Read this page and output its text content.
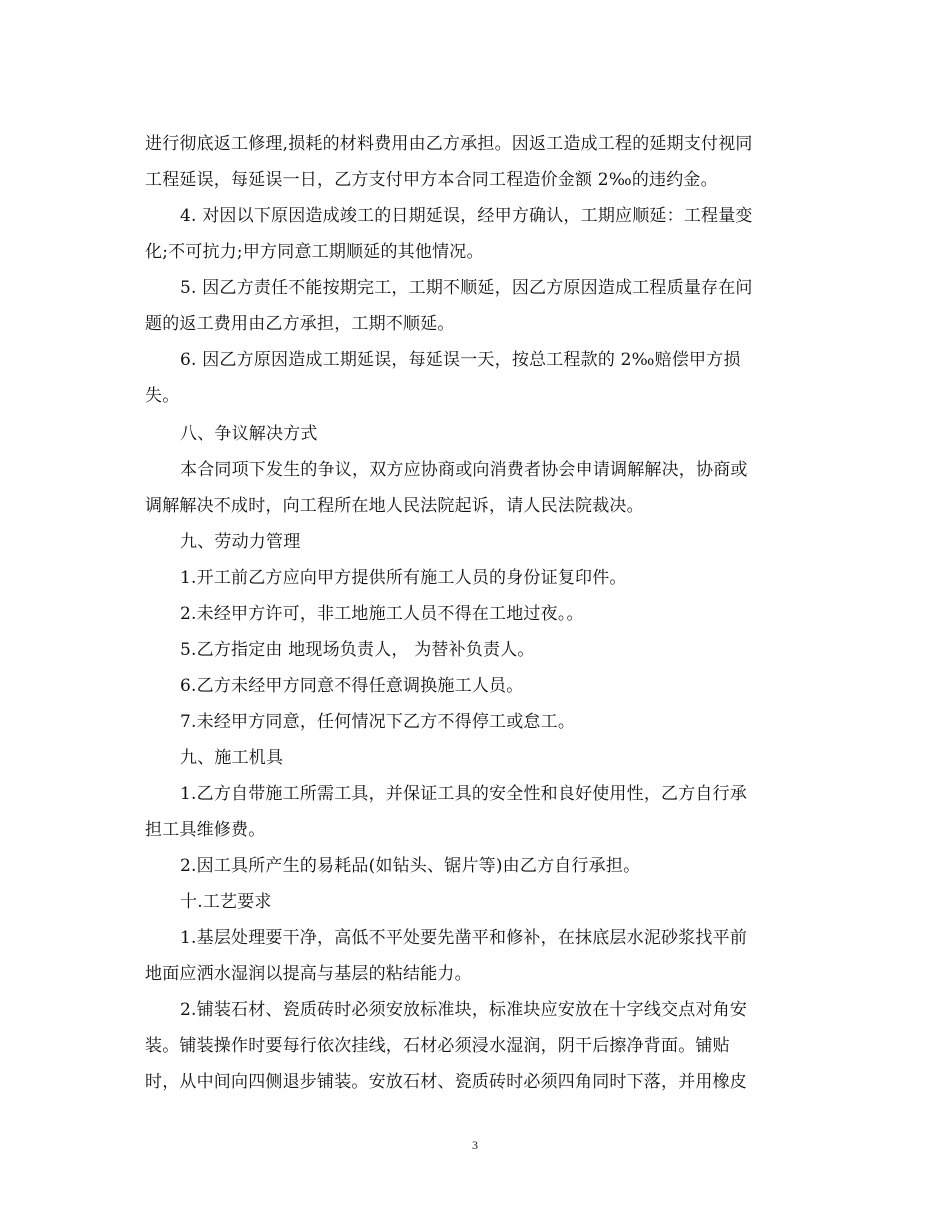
进行彻底返工修理,损耗的材料费用由乙方承担。因返工造成工程的延期支付视同
工程延误，每延误一日，乙方支付甲方本合同工程造价金额 2‰的违约金。
4. 对因以下原因造成竣工的日期延误，经甲方确认，工期应顺延：工程量变
化;不可抗力;甲方同意工期顺延的其他情况。
5. 因乙方责任不能按期完工，工期不顺延，因乙方原因造成工程质量存在问
题的返工费用由乙方承担，工期不顺延。
6. 因乙方原因造成工期延误，每延误一天，按总工程款的 2‰赔偿甲方损
失。
八、争议解决方式
本合同项下发生的争议，双方应协商或向消费者协会申请调解解决，协商或
调解解决不成时，向工程所在地人民法院起诉，请人民法院裁决。
九、劳动力管理
1.开工前乙方应向甲方提供所有施工人员的身份证复印件。
2.未经甲方许可，非工地施工人员不得在工地过夜。。
5.乙方指定由 地现场负责人， 为替补负责人。
6.乙方未经甲方同意不得任意调换施工人员。
7.未经甲方同意，任何情况下乙方不得停工或怠工。
九、施工机具
1.乙方自带施工所需工具，并保证工具的安全性和良好使用性，乙方自行承
担工具维修费。
2.因工具所产生的易耗品(如钻头、锯片等)由乙方自行承担。
十.工艺要求
1.基层处理要干净，高低不平处要先凿平和修补，在抹底层水泥砂浆找平前
地面应洒水湿润以提高与基层的粘结能力。
2.铺装石材、瓷质砖时必须安放标准块，标准块应安放在十字线交点对角安
装。铺装操作时要每行依次挂线，石材必须浸水湿润，阴干后擦净背面。铺贴
时，从中间向四侧退步铺装。安放石材、瓷质砖时必须四角同时下落，并用橡皮
3
